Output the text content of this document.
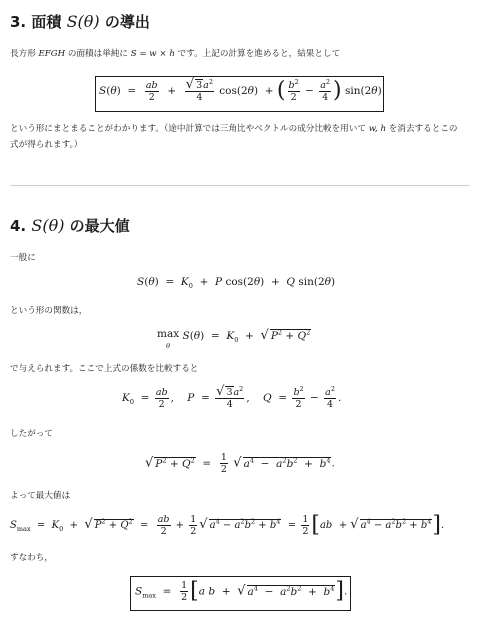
3. 面積 S(θ) の導出
長方形 EFGH の面積は単純に S = w × h です。上記の計算を進めると，結果として
$S(\theta) = \frac{ab}{2} + \frac{√ 3a^2}{4} \cos(2\theta)$  + ( $\frac{b^2}{2} - \frac{a^2}{4}$ ) sin(2θ)
という形にまとまることがわかります。（途中計算では三角比やベクトルの成分比較を用いて w, h を消去するとこの
式が得られます。）
4. S(θ) の最大値
一般に
$S(\theta) = K_0 + P$ cos(2θ)  +  Q sin(2θ)
という形の関数は，
max
θ $S(\theta) = K_0$  +  √ $P^2 + Q^2$
で与えられます。ここで上式の係数を比較すると
$K_0 = \frac{ab}{2}$ ,    $P = \frac{√ 3a^2}{4}$ ,    $Q = \frac{b^2}{2} - \frac{a^2}{4}$ .
したがって
√ $P^2 + Q^2 = \frac{1}{2}$ √ $a^4 - a^2b^2 + b^4$.
よって最大値は
$S_{max} = K_0$  +  √ $P^2 + Q^2 = \frac{ab}{2} + \frac{1}{2}$ √ $a^4 - a^2b^2 + b^4 = \frac{1}{2} [ab$  + √ $a^4 - a^2b^2 + b^4$].
すなわち，
$S_{max} = \frac{1}{2} [a$ b  +  √ $a^4 - a^2b^2 + b^4$].
